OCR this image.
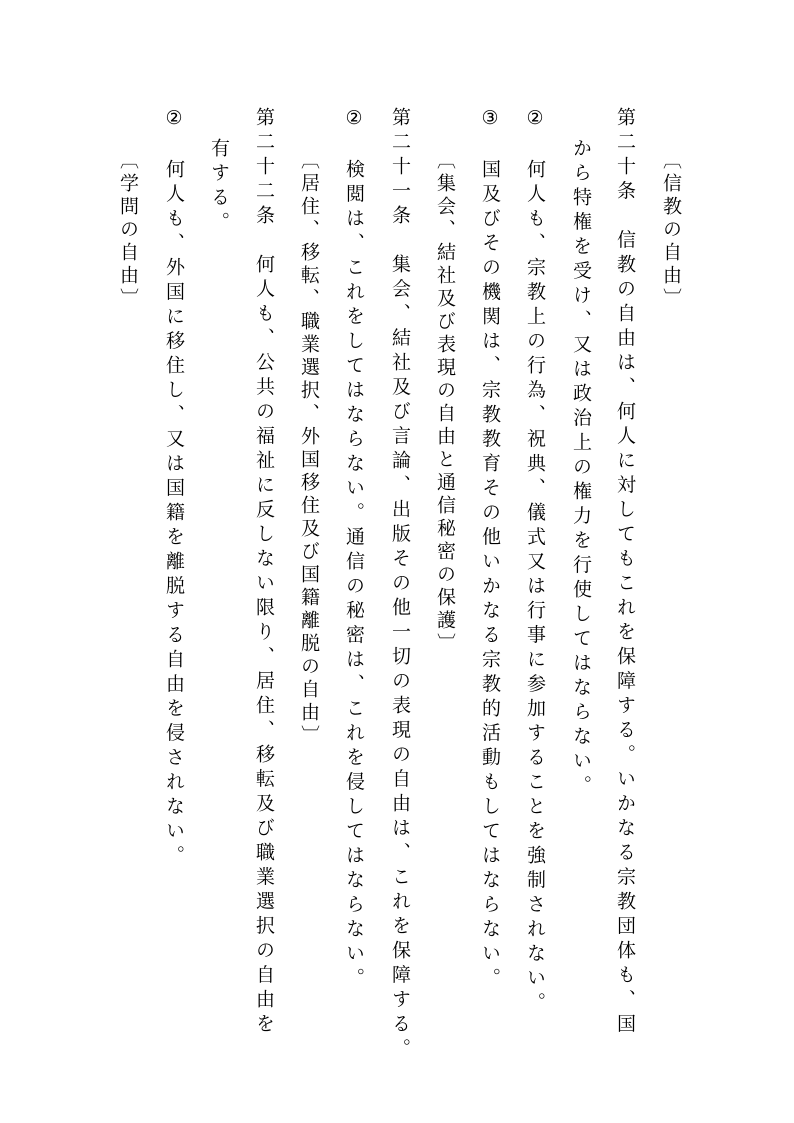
〔信教の自由〕

第二十条　信教の自由は、何人に対してもこれを保障する。いかなる宗教団体も、国

から特権を受け、又は政治上の権力を行使してはならない。

②　何人も、宗教上の行為、祝典、儀式又は行事に参加することを強制されない。

③　国及びその機関は、宗教教育その他いかなる宗教的活動もしてはならない。

〔集会、結社及び表現の自由と通信秘密の保護〕

第二十一条　集会、結社及び言論、出版その他一切の表現の自由は、これを保障する。

②　検閲は、これをしてはならない。通信の秘密は、これを侵してはならない。

〔居住、移転、職業選択、外国移住及び国籍離脱の自由〕

第二十二条　何人も、公共の福祉に反しない限り、居住、移転及び職業選択の自由を

有する。

②　何人も、外国に移住し、又は国籍を離脱する自由を侵されない。

〔学問の自由〕
